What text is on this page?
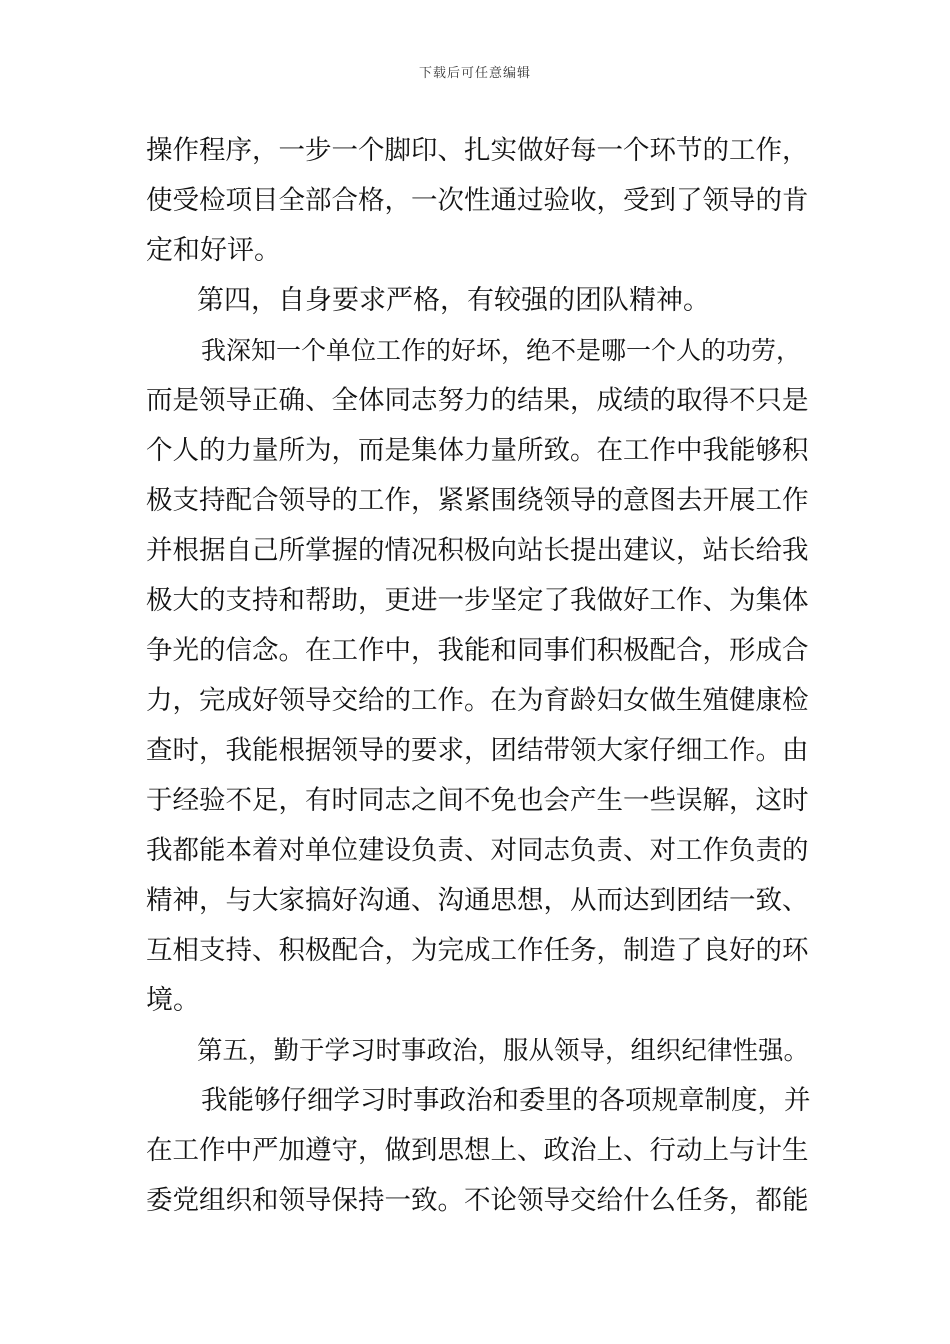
下载后可任意编辑
操作程序，一步一个脚印、扎实做好每一个环节的工作，
使受检项目全部合格，一次性通过验收，受到了领导的肯
定和好评。
第四，自身要求严格，有较强的团队精神。
我深知一个单位工作的好坏，绝不是哪一个人的功劳，
而是领导正确、全体同志努力的结果，成绩的取得不只是
个人的力量所为，而是集体力量所致。在工作中我能够积
极支持配合领导的工作，紧紧围绕领导的意图去开展工作
并根据自己所掌握的情况积极向站长提出建议，站长给我
极大的支持和帮助，更进一步坚定了我做好工作、为集体
争光的信念。在工作中，我能和同事们积极配合，形成合
力，完成好领导交给的工作。在为育龄妇女做生殖健康检
查时，我能根据领导的要求，团结带领大家仔细工作。由
于经验不足，有时同志之间不免也会产生一些误解，这时
我都能本着对单位建设负责、对同志负责、对工作负责的
精神，与大家搞好沟通、沟通思想，从而达到团结一致、
互相支持、积极配合，为完成工作任务，制造了良好的环
境。
第五，勤于学习时事政治，服从领导，组织纪律性强。
我能够仔细学习时事政治和委里的各项规章制度，并
在工作中严加遵守，做到思想上、政治上、行动上与计生
委党组织和领导保持一致。不论领导交给什么任务，都能
